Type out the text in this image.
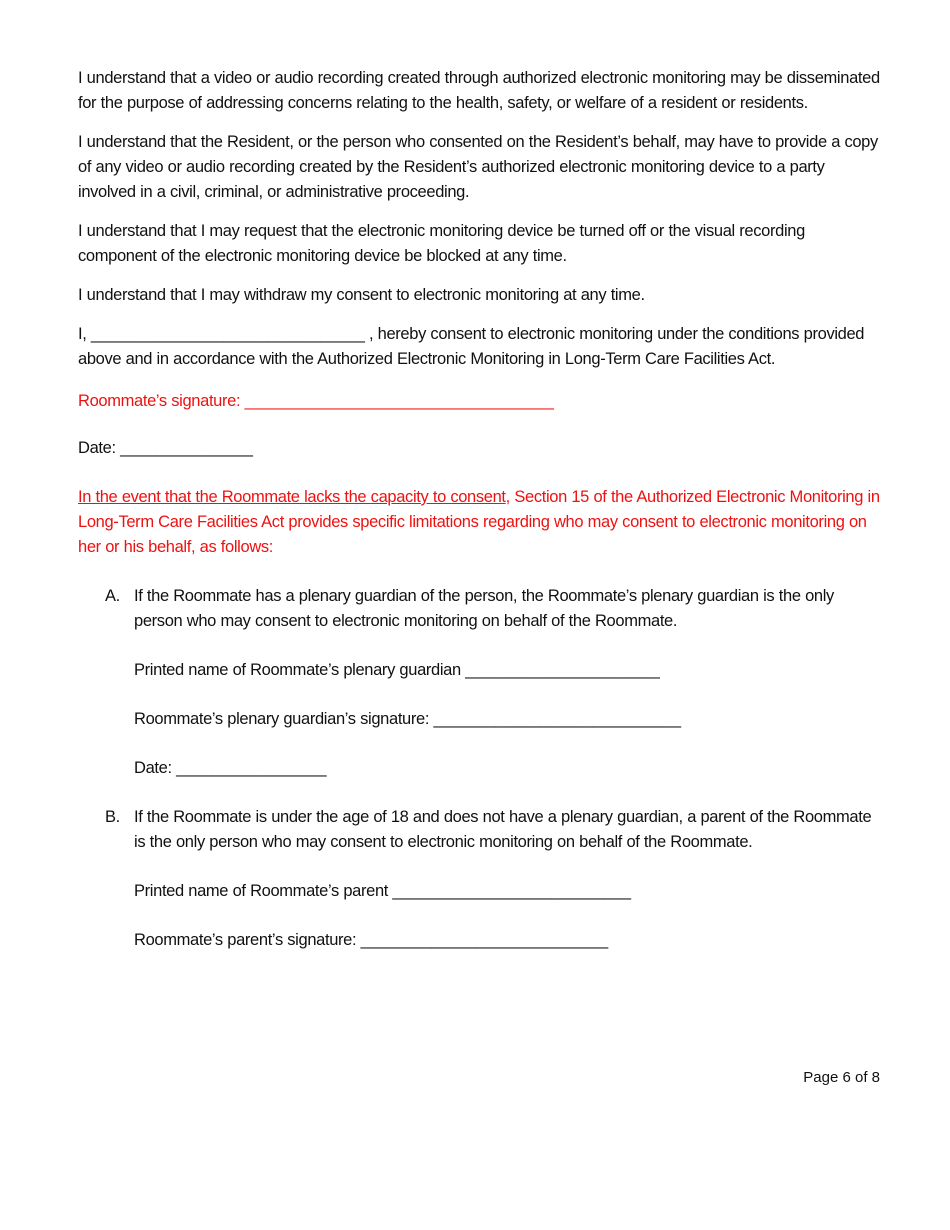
I understand that a video or audio recording created through authorized electronic monitoring may be disseminated for the purpose of addressing concerns relating to the health, safety, or welfare of a resident or residents.

I understand that the Resident, or the person who consented on the Resident’s behalf, may have to provide a copy of any video or audio recording created by the Resident’s authorized electronic monitoring device to a party involved in a civil, criminal, or administrative proceeding.

I understand that I may request that the electronic monitoring device be turned off or the visual recording component of the electronic monitoring device be blocked at any time.

I understand that I may withdraw my consent to electronic monitoring at any time.

I, _______________________________ , hereby consent to electronic monitoring under the conditions provided above and in accordance with the Authorized Electronic Monitoring in Long-Term Care Facilities Act.

Roommate’s signature: ___________________________________

Date: _______________

In the event that the Roommate lacks the capacity to consent, Section 15 of the Authorized Electronic Monitoring in Long-Term Care Facilities Act provides specific limitations regarding who may consent to electronic monitoring on her or his behalf, as follows:

A. If the Roommate has a plenary guardian of the person, the Roommate’s plenary guardian is the only person who may consent to electronic monitoring on behalf of the Roommate.

Printed name of Roommate’s plenary guardian ______________________

Roommate’s plenary guardian’s signature: ____________________________

Date: _________________

B. If the Roommate is under the age of 18 and does not have a plenary guardian, a parent of the Roommate is the only person who may consent to electronic monitoring on behalf of the Roommate.

Printed name of Roommate’s parent ___________________________

Roommate’s parent’s signature: ____________________________

Page 6 of 8
